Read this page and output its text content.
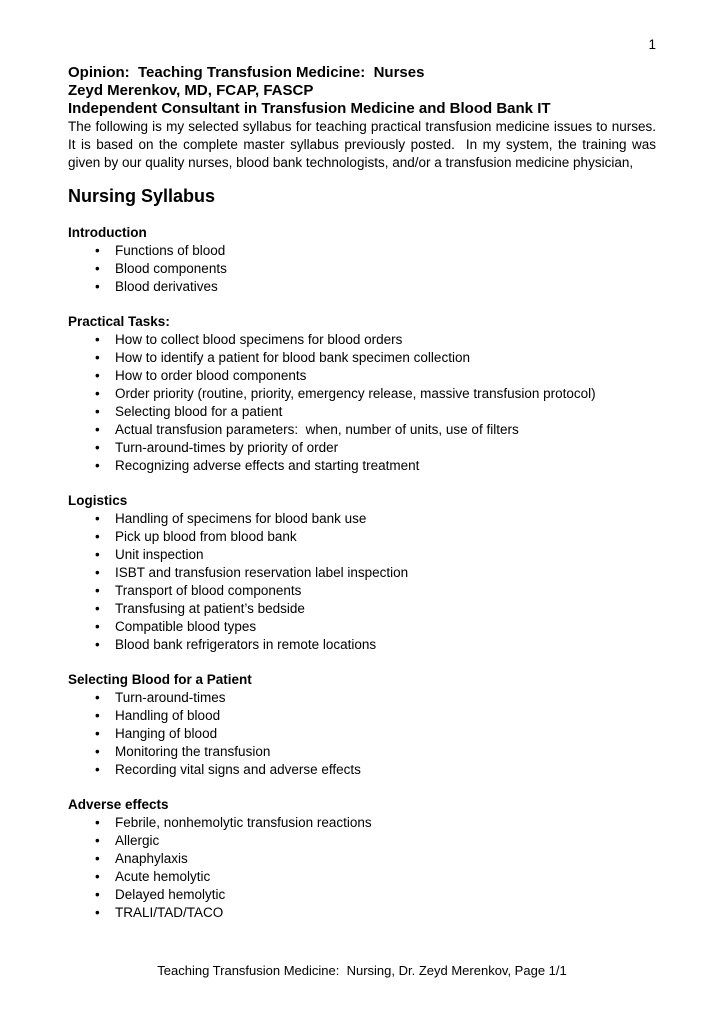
1
Opinion:  Teaching Transfusion Medicine:  Nurses
Zeyd Merenkov, MD, FCAP, FASCP
Independent Consultant in Transfusion Medicine and Blood Bank IT

The following is my selected syllabus for teaching practical transfusion medicine issues to nurses.  It is based on the complete master syllabus previously posted.  In my system, the training was given by our quality nurses, blood bank technologists, and/or a transfusion medicine physician,

Nursing Syllabus
Introduction
• Functions of blood
• Blood components
• Blood derivatives
Practical Tasks:
• How to collect blood specimens for blood orders
• How to identify a patient for blood bank specimen collection
• How to order blood components
• Order priority (routine, priority, emergency release, massive transfusion protocol)
• Selecting blood for a patient
• Actual transfusion parameters:  when, number of units, use of filters
• Turn-around-times by priority of order
• Recognizing adverse effects and starting treatment
Logistics
• Handling of specimens for blood bank use
• Pick up blood from blood bank
• Unit inspection
• ISBT and transfusion reservation label inspection
• Transport of blood components
• Transfusing at patient’s bedside
• Compatible blood types
• Blood bank refrigerators in remote locations
Selecting Blood for a Patient
• Turn-around-times
• Handling of blood
• Hanging of blood
• Monitoring the transfusion
• Recording vital signs and adverse effects
Adverse effects
• Febrile, nonhemolytic transfusion reactions
• Allergic
• Anaphylaxis
• Acute hemolytic
• Delayed hemolytic
• TRALI/TAD/TACO
Teaching Transfusion Medicine:  Nursing, Dr. Zeyd Merenkov, Page 1/1
